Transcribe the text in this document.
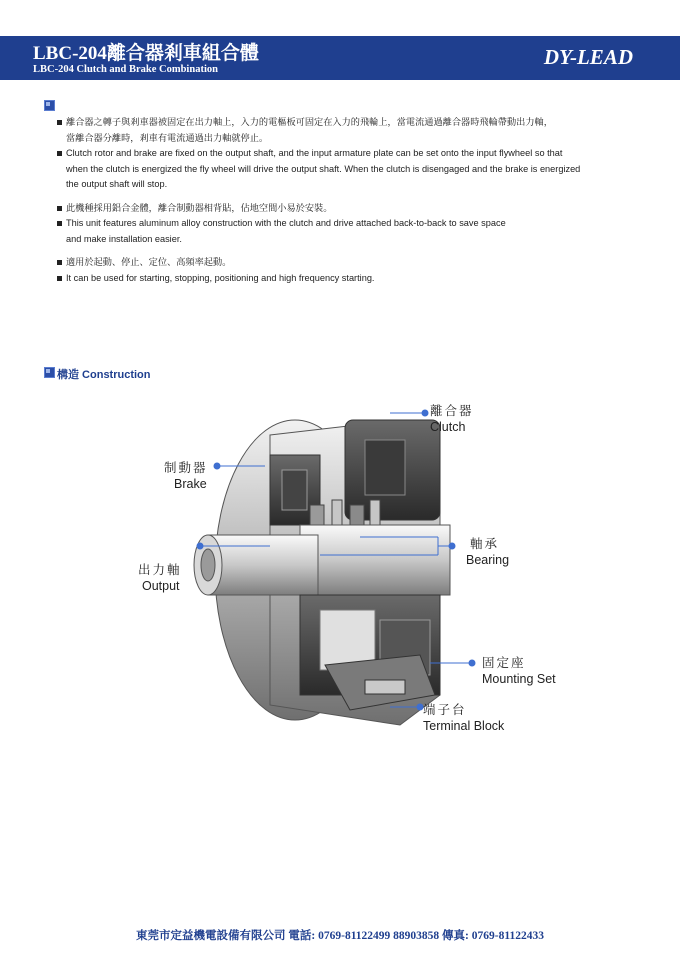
LBC-204離合器剎車組合體
LBC-204 Clutch and Brake Combination
DY-LEAD

離合器之轉子與剎車器被固定在出力軸上，入力的電樞板可固定在入力的飛輪上，當電流通過離合器時飛輪帶動出力軸，

當離合器分離時，剎車有電流通過出力軸就停止。

Clutch rotor and brake are fixed on the output shaft, and the input armature plate can be set onto the input flywheel so that

when the clutch is energized the fly wheel will drive the output shaft. When the clutch is disengaged and the brake is energized

the output shaft will stop.

此機種採用鋁合金體，離合制動器相背貼，佔地空間小易於安裝。

This unit features aluminum alloy construction with the clutch and drive attached back-to-back to save space

and make installation easier.

適用於起動、停止、定位、高頻率起動。

It can be used for starting, stopping, positioning and high frequency starting.

構造 Construction
離合器
Clutch
制動器
Brake
軸承
Bearing
出力軸
Output
固定座
Mounting Set
端子台
Terminal Block
東莞市定益機電設備有限公司 電話: 0769-81122499 88903858 傳真: 0769-81122433
